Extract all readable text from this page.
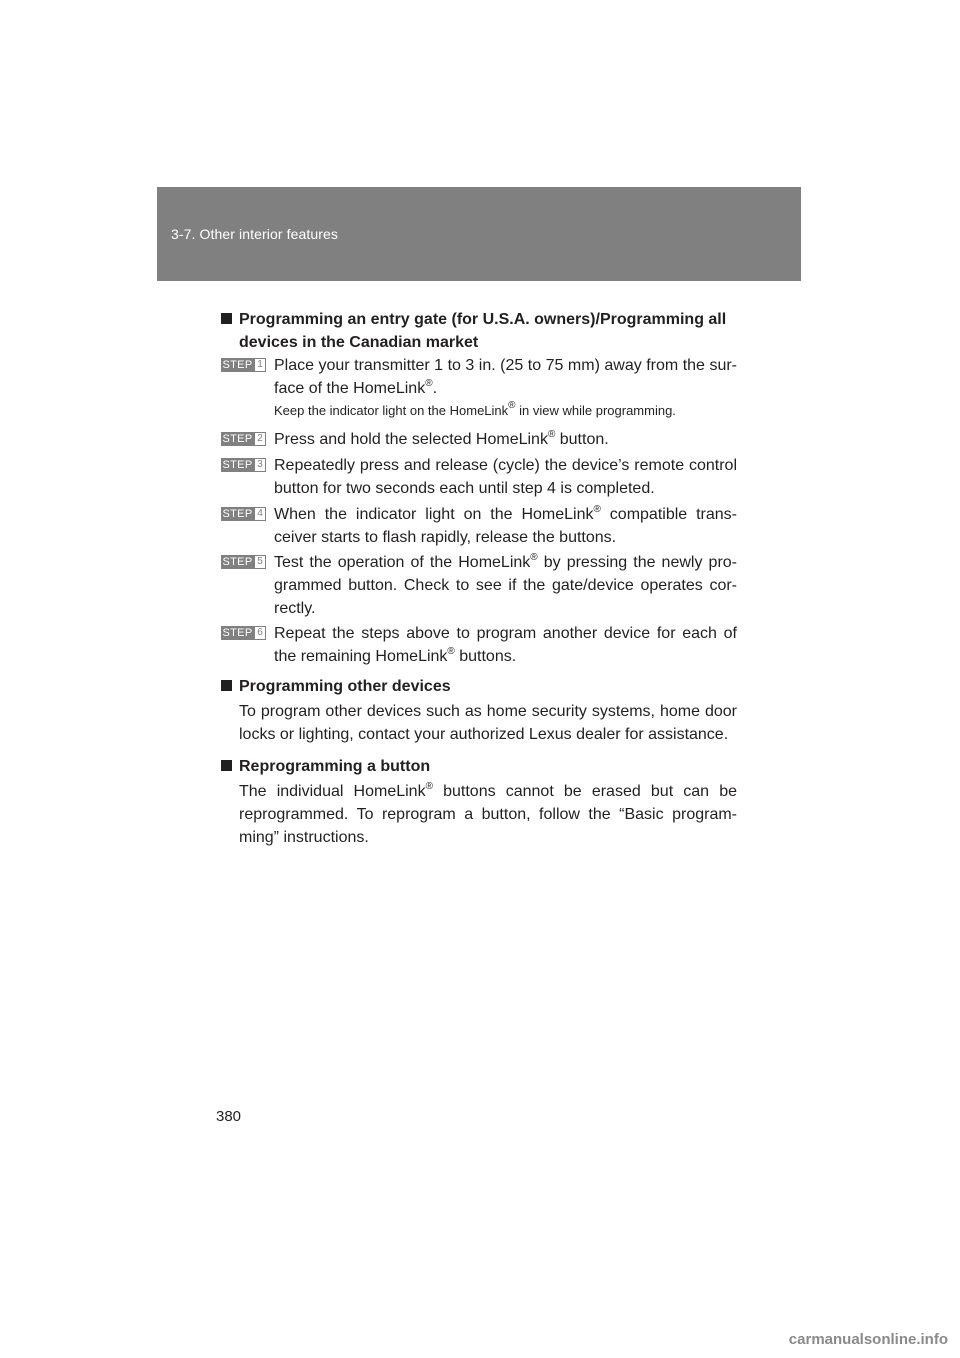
3-7. Other interior features
Programming an entry gate (for U.S.A. owners)/Programming all
devices in the Canadian market
STEP 1 Place your transmitter 1 to 3 in. (25 to 75 mm) away from the sur-face of the HomeLink®.
Keep the indicator light on the HomeLink® in view while programming.
STEP 2 Press and hold the selected HomeLink® button.
STEP 3 Repeatedly press and release (cycle) the device’s remote control button for two seconds each until step 4 is completed.
STEP 4 When the indicator light on the HomeLink® compatible trans-ceiver starts to flash rapidly, release the buttons.
STEP 5 Test the operation of the HomeLink® by pressing the newly pro-grammed button. Check to see if the gate/device operates cor-rectly.
STEP 6 Repeat the steps above to program another device for each of the remaining HomeLink® buttons.
Programming other devices
To program other devices such as home security systems, home door locks or lighting, contact your authorized Lexus dealer for assistance.
Reprogramming a button
The individual HomeLink® buttons cannot be erased but can be reprogrammed. To reprogram a button, follow the “Basic program-ming” instructions.
380
carmanualsonline.info
